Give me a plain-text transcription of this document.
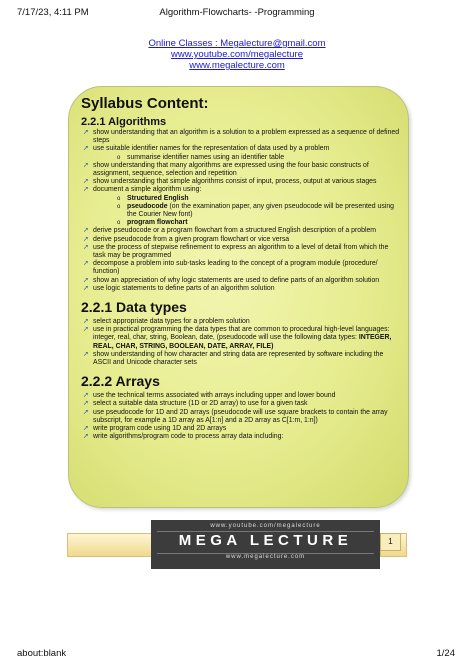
7/17/23, 4:11 PM	Algorithm-Flowcharts- -Programming
Online Classes : Megalecture@gmail.com
www.youtube.com/megalecture
www.megalecture.com
Syllabus Content:
2.2.1 Algorithms
➚ show understanding that an algorithm is a solution to a problem expressed as a sequence of defined steps
➚ use suitable identifier names for the representation of data used by a problem
o summarise identifier names using an identifier table
➚ show understanding that many algorithms are expressed using the four basic constructs of assignment, sequence, selection and repetition
➚ show understanding that simple algorithms consist of input, process, output at various stages
➚ document a simple algorithm using:
o Structured English
o pseudocode (on the examination paper, any given pseudocode will be presented using the Courier New font)
o program flowchart
➚ derive pseudocode or a program flowchart from a structured English description of a problem
➚ derive pseudocode from a given program flowchart or vice versa
➚ use the process of stepwise refinement to express an algorithm to a level of detail from which the task may be programmed
➚ decompose a problem into sub-tasks leading to the concept of a program module (procedure/ function)
➚ show an appreciation of why logic statements are used to define parts of an algorithm solution
➚ use logic statements to define parts of an algorithm solution
2.2.1 Data types
➚ select appropriate data types for a problem solution
➚ use in practical programming the data types that are common to procedural high-level languages: integer, real, char, string, Boolean, date, (pseudocode will use the following data types: INTEGER, REAL, CHAR, STRING, BOOLEAN, DATE, ARRAY, FILE)
➚ show understanding of how character and string data are represented by software including the ASCII and Unicode character sets
2.2.2 Arrays
➚ use the technical terms associated with arrays including upper and lower bound
➚ select a suitable data structure (1D or 2D array) to use for a given task
➚ use pseudocode for 1D and 2D arrays (pseudocode will use square brackets to contain the array subscript, for example a 1D array as A[1:n] and a 2D array as C[1:m, 1:n])
➚ write program code using 1D and 2D arrays
➚ write algorithms/program code to process array data including:
www.youtube.com/megalecture
MEGA LECTURE
www.megalecture.com
1
about:blank	1/24
